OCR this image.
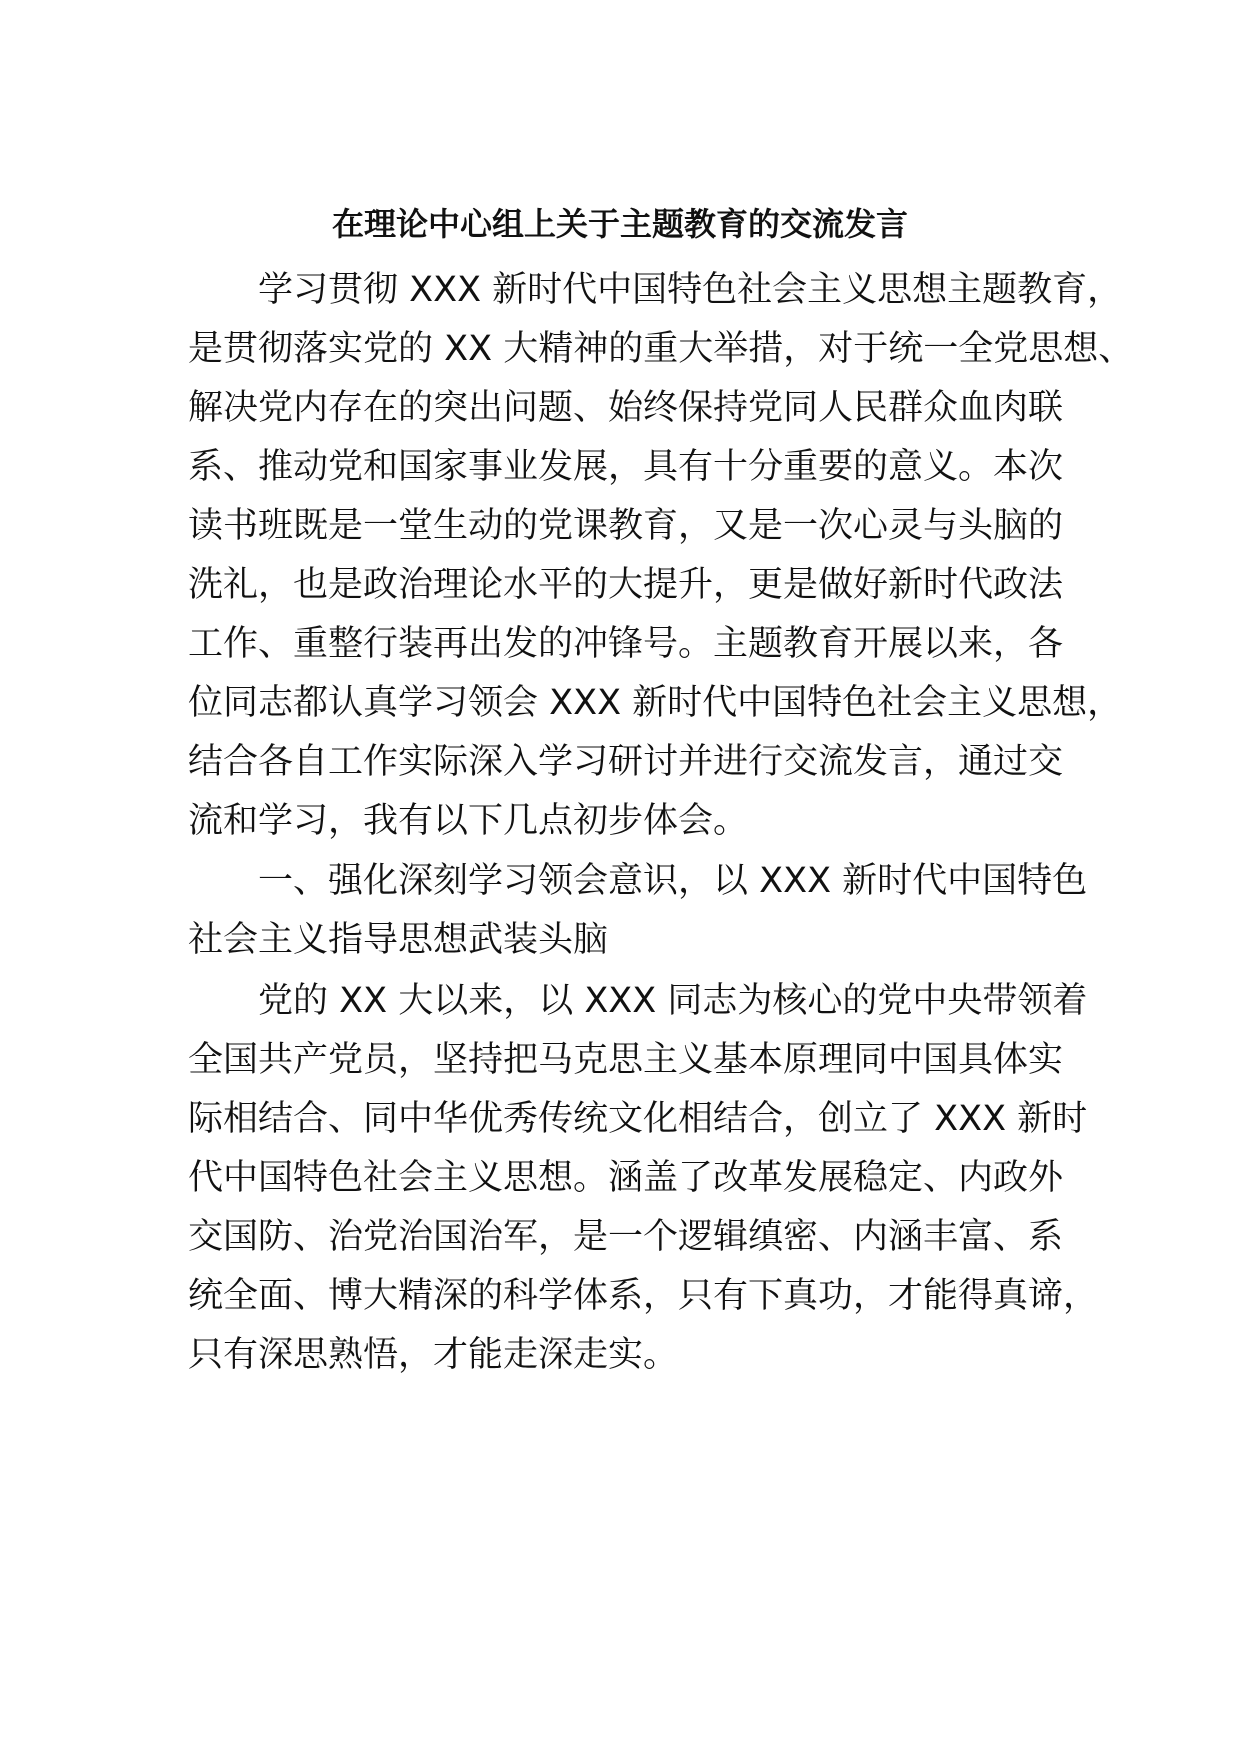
在理论中心组上关于主题教育的交流发言
学习贯彻 XXX 新时代中国特色社会主义思想主题教育，
是贯彻落实党的 XX 大精神的重大举措，对于统一全党思想、
解决党内存在的突出问题、始终保持党同人民群众血肉联
系、推动党和国家事业发展，具有十分重要的意义。本次
读书班既是一堂生动的党课教育，又是一次心灵与头脑的
洗礼，也是政治理论水平的大提升，更是做好新时代政法
工作、重整行装再出发的冲锋号。主题教育开展以来，各
位同志都认真学习领会 XXX 新时代中国特色社会主义思想，
结合各自工作实际深入学习研讨并进行交流发言，通过交
流和学习，我有以下几点初步体会。
一、强化深刻学习领会意识，以 XXX 新时代中国特色
社会主义指导思想武装头脑
党的 XX 大以来，以 XXX 同志为核心的党中央带领着
全国共产党员，坚持把马克思主义基本原理同中国具体实
际相结合、同中华优秀传统文化相结合，创立了 XXX 新时
代中国特色社会主义思想。涵盖了改革发展稳定、内政外
交国防、治党治国治军，是一个逻辑缜密、内涵丰富、系
统全面、博大精深的科学体系，只有下真功，才能得真谛，
只有深思熟悟，才能走深走实。
